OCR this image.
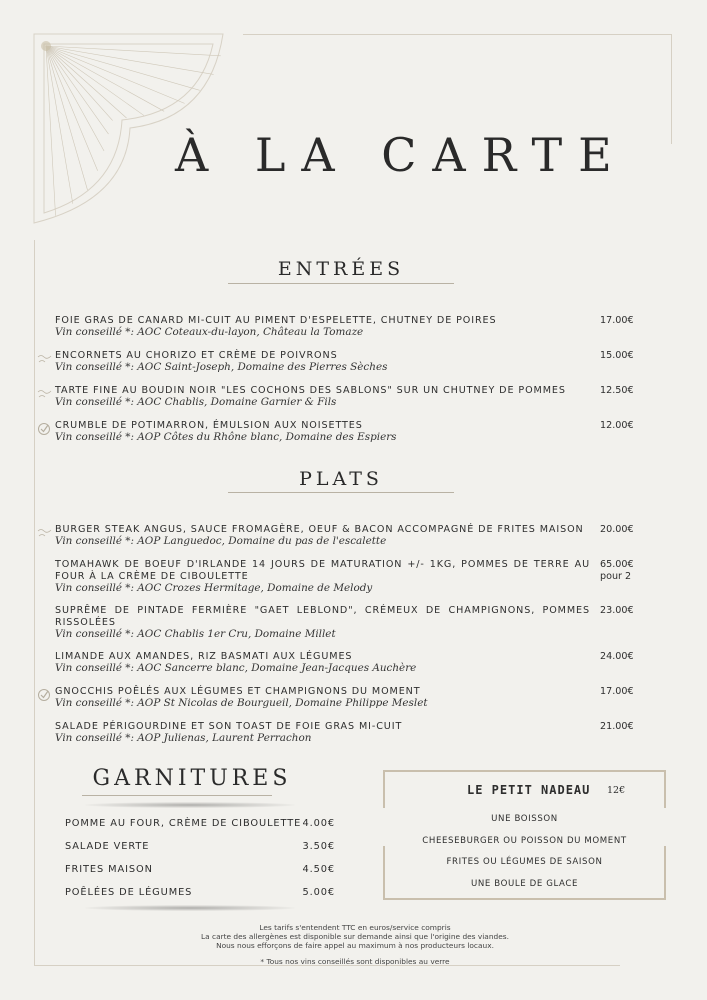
À LA CARTE
ENTRÉES
FOIE GRAS DE CANARD MI-CUIT AU PIMENT D'ESPELETTE, CHUTNEY DE POIRES
Vin conseillé *: AOC Coteaux-du-layon, Château la Tomaze
17.00€
ENCORNETS AU CHORIZO ET CRÈME DE POIVRONS
Vin conseillé *: AOC Saint-Joseph, Domaine des Pierres Sèches
15.00€
TARTE FINE AU BOUDIN NOIR "LES COCHONS DES SABLONS" SUR UN CHUTNEY DE POMMES
Vin conseillé *: AOC Chablis, Domaine Garnier & Fils
12.50€
CRUMBLE DE POTIMARRON, ÉMULSION AUX NOISETTES
Vin conseillé *: AOP Côtes du Rhône blanc, Domaine des Espiers
12.00€
PLATS
BURGER STEAK ANGUS, SAUCE FROMAGÈRE, OEUF & BACON ACCOMPAGNÉ DE FRITES MAISON
Vin conseillé *: AOP Languedoc, Domaine du pas de l'escalette
20.00€
TOMAHAWK DE BOEUF D'IRLANDE 14 JOURS DE MATURATION +/- 1KG, POMMES DE TERRE AU FOUR À LA CRÈME DE CIBOULETTE
Vin conseillé *: AOC Crozes Hermitage, Domaine de Melody
65.00€
pour 2
SUPRÊME DE PINTADE FERMIÈRE "GAET LEBLOND", CRÉMEUX DE CHAMPIGNONS, POMMES RISSOLÉES
Vin conseillé *: AOC Chablis 1er Cru, Domaine Millet
23.00€
LIMANDE AUX AMANDES, RIZ BASMATI AUX LÉGUMES
Vin conseillé *: AOC Sancerre blanc, Domaine Jean-Jacques Auchère
24.00€
GNOCCHIS POÊLÉS AUX LÉGUMES ET CHAMPIGNONS DU MOMENT
Vin conseillé *: AOP St Nicolas de Bourgueil, Domaine Philippe Meslet
17.00€
SALADE PÉRIGOURDINE ET SON TOAST DE FOIE GRAS MI-CUIT
Vin conseillé *: AOP Julienas, Laurent Perrachon
21.00€
GARNITURES
POMME AU FOUR, CRÈME DE CIBOULETTE 4.00€
SALADE VERTE	3.50€
FRITES MAISON	4.50€
POÊLÉES DE LÉGUMES	5.00€
LE PETIT NADEAU 12€
UNE BOISSON
CHEESEBURGER OU POISSON DU MOMENT
FRITES OU LÉGUMES DE SAISON
UNE BOULE DE GLACE
Les tarifs s'entendent TTC en euros/service compris
La carte des allergènes est disponible sur demande ainsi que l'origine des viandes.
Nous nous efforçons de faire appel au maximum à nos producteurs locaux.
* Tous nos vins conseillés sont disponibles au verre
